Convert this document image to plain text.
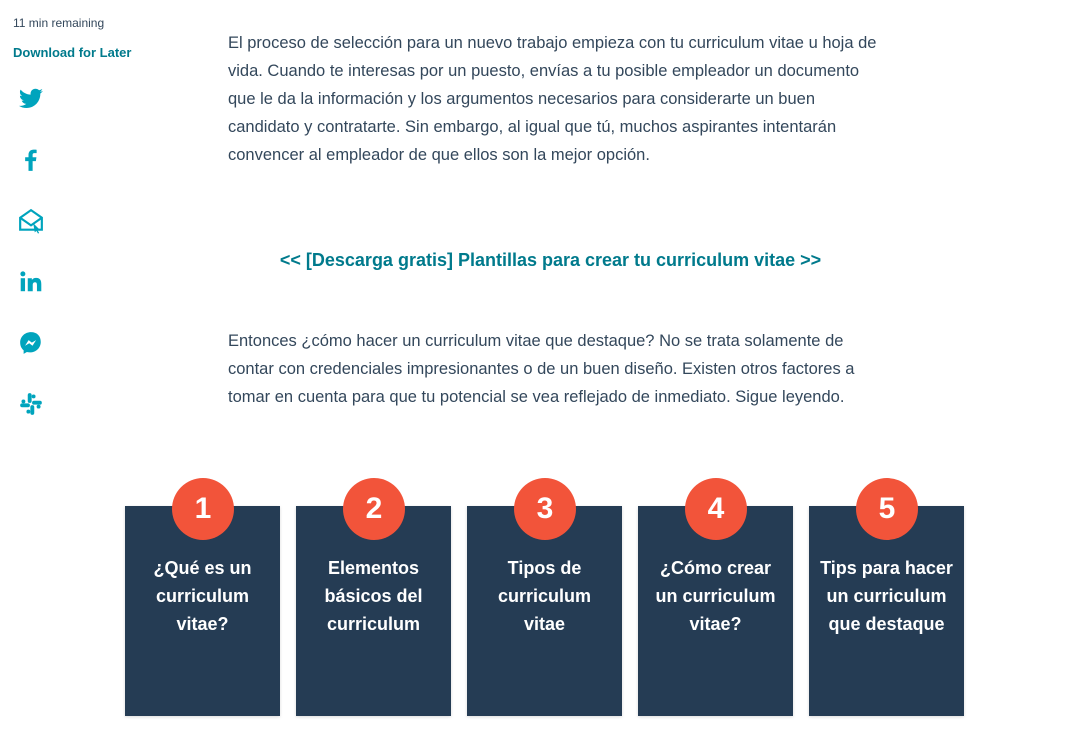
11 min remaining
Download for Later

El proceso de selección para un nuevo trabajo empieza con tu curriculum vitae u hoja de vida. Cuando te interesas por un puesto, envías a tu posible empleador un documento que le da la información y los argumentos necesarios para considerarte un buen candidato y contratarte. Sin embargo, al igual que tú, muchos aspirantes intentarán convencer al empleador de que ellos son la mejor opción.

<< [Descarga gratis] Plantillas para crear tu curriculum vitae >>

Entonces ¿cómo hacer un curriculum vitae que destaque? No se trata solamente de contar con credenciales impresionantes o de un buen diseño. Existen otros factores a tomar en cuenta para que tu potencial se vea reflejado de inmediato. Sigue leyendo.

1
¿Qué es un curriculum vitae?
2
Elementos básicos del curriculum
3
Tipos de curriculum vitae
4
¿Cómo crear un curriculum vitae?
5
Tips para hacer un curriculum que destaque
